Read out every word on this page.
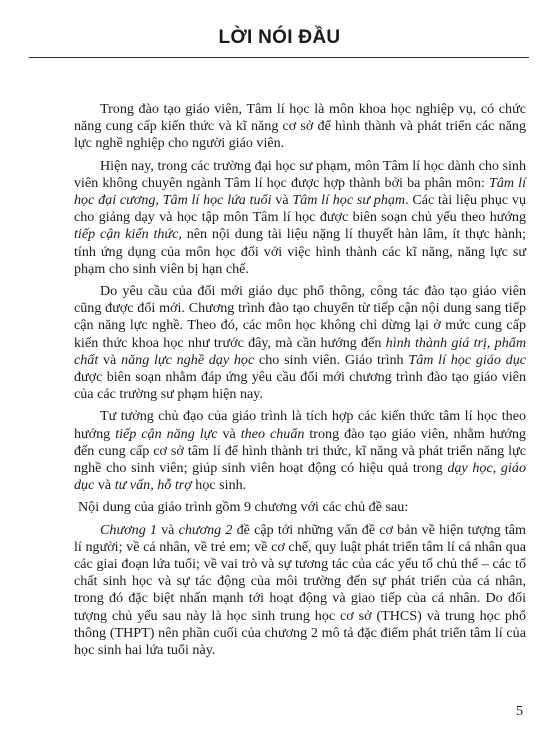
LỜI NÓI ĐẦU

Trong đào tạo giáo viên, Tâm lí học là môn khoa học nghiệp vụ, có chức năng cung cấp kiến thức và kĩ năng cơ sở để hình thành và phát triển các năng lực nghề nghiệp cho người giáo viên.

Hiện nay, trong các trường đại học sư phạm, môn Tâm lí học dành cho sinh viên không chuyên ngành Tâm lí học được hợp thành bởi ba phân môn: Tâm lí học đại cương, Tâm lí học lứa tuổi và Tâm lí học sư phạm. Các tài liệu phục vụ cho giảng dạy và học tập môn Tâm lí học được biên soạn chủ yếu theo hướng tiếp cận kiến thức, nên nội dung tài liệu nặng lí thuyết hàn lâm, ít thực hành; tính ứng dụng của môn học đối với việc hình thành các kĩ năng, năng lực sư phạm cho sinh viên bị hạn chế.

Do yêu cầu của đổi mới giáo dục phổ thông, công tác đào tạo giáo viên cũng được đổi mới. Chương trình đào tạo chuyển từ tiếp cận nội dung sang tiếp cận năng lực nghề. Theo đó, các môn học không chỉ dừng lại ở mức cung cấp kiến thức khoa học như trước đây, mà cần hướng đến hình thành giá trị, phẩm chất và năng lực nghề dạy học cho sinh viên. Giáo trình Tâm lí học giáo dục được biên soạn nhằm đáp ứng yêu cầu đổi mới chương trình đào tạo giáo viên của các trường sư phạm hiện nay.

Tư tưởng chủ đạo của giáo trình là tích hợp các kiến thức tâm lí học theo hướng tiếp cận năng lực và theo chuẩn trong đào tạo giáo viên, nhằm hướng đến cung cấp cơ sở tâm lí để hình thành tri thức, kĩ năng và phát triển năng lực nghề cho sinh viên; giúp sinh viên hoạt động có hiệu quả trong dạy học, giáo dục và tư vấn, hỗ trợ học sinh.

Nội dung của giáo trình gồm 9 chương với các chủ đề sau:

Chương 1 và chương 2 đề cập tới những vấn đề cơ bản về hiện tượng tâm lí người; về cá nhân, về trẻ em; về cơ chế, quy luật phát triển tâm lí cá nhân qua các giai đoạn lứa tuổi; về vai trò và sự tương tác của các yếu tố chủ thể – các tố chất sinh học và sự tác động của môi trường đến sự phát triển của cá nhân, trong đó đặc biệt nhấn mạnh tới hoạt động và giao tiếp của cá nhân. Do đối tượng chủ yếu sau này là học sinh trung học cơ sở (THCS) và trung học phổ thông (THPT) nên phần cuối của chương 2 mô tả đặc điểm phát triển tâm lí của học sinh hai lứa tuổi này.

5
